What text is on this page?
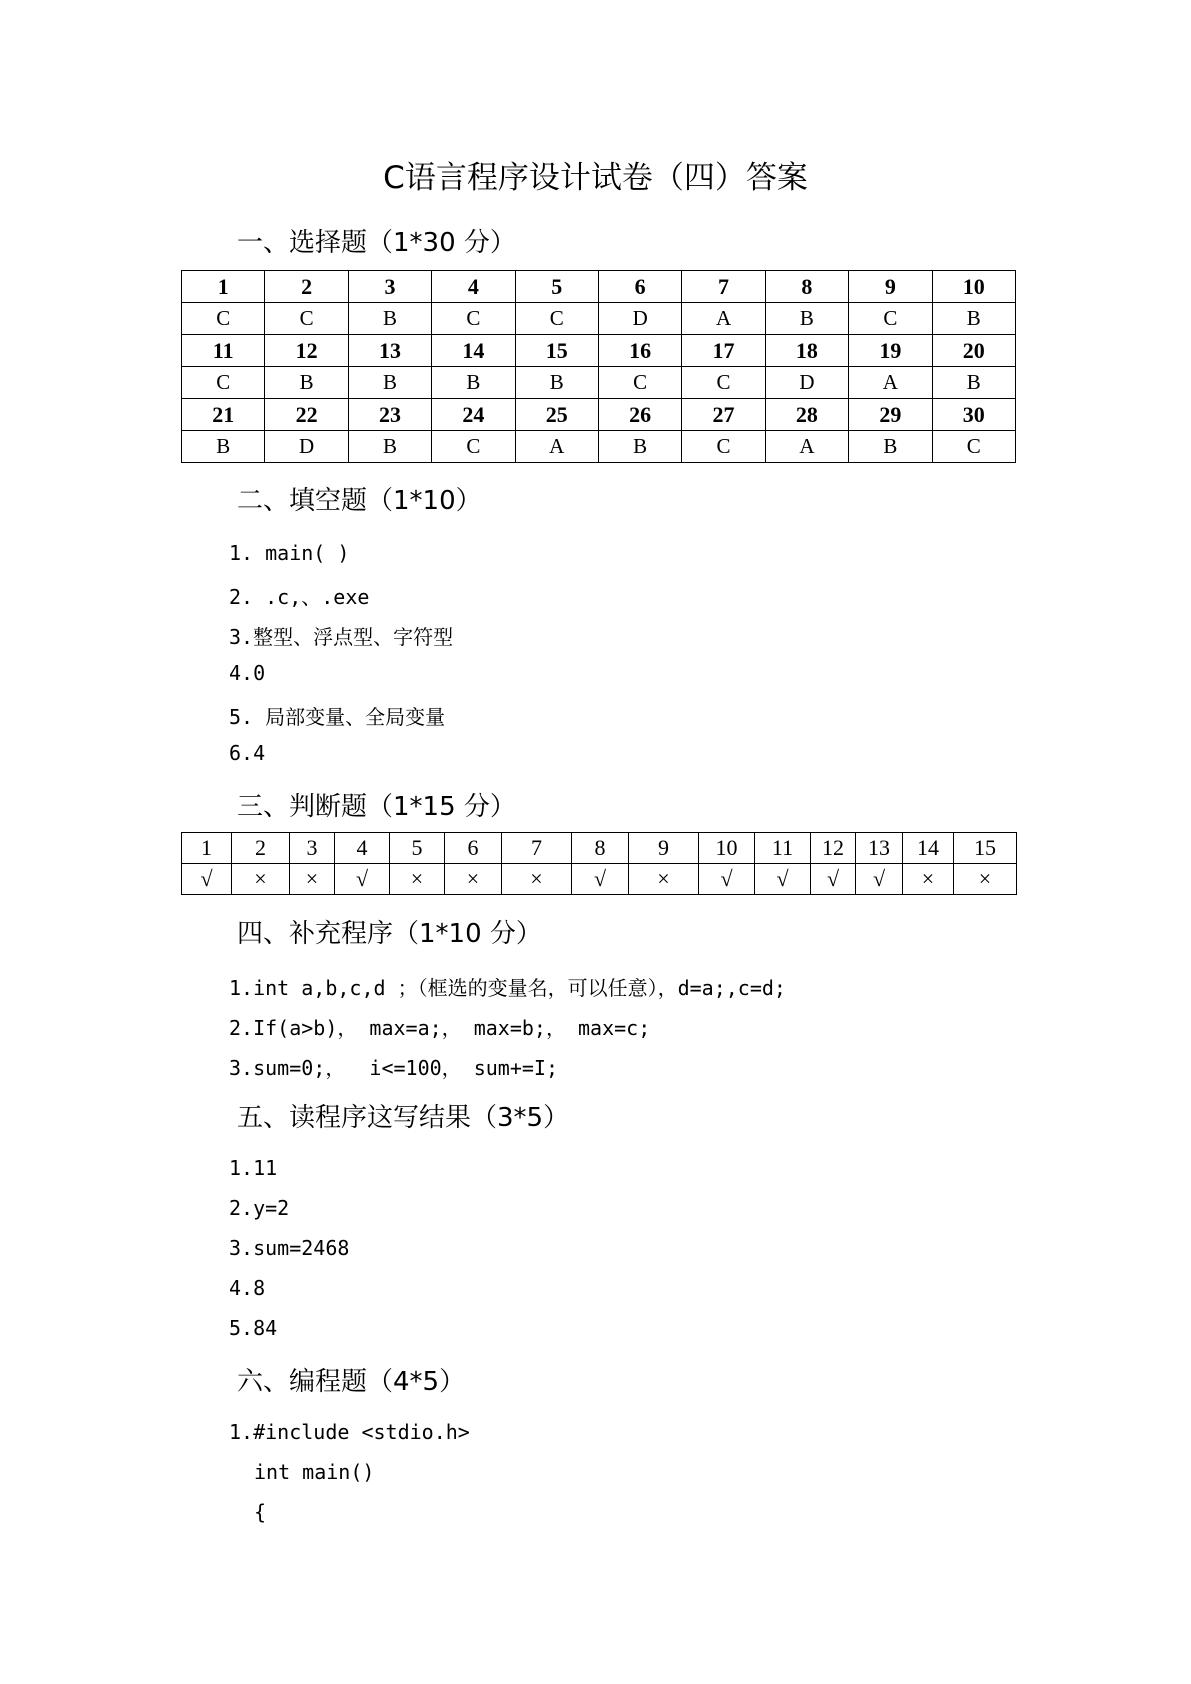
C语言程序设计试卷（四）答案
一、选择题（1*30 分）
1	2	3	4	5	6	7	8	9	10
C	C	B	C	C	D	A	B	C	B
11	12	13	14	15	16	17	18	19	20
C	B	B	B	B	C	C	D	A	B
21	22	23	24	25	26	27	28	29	30
B	D	B	C	A	B	C	A	B	C
二、填空题（1*10）
1. main( )
2. .c,、.exe
3.整型、浮点型、字符型
4.0
5. 局部变量、全局变量
6.4
三、判断题（1*15 分）
1	2	3	4	5	6	7	8	9	10	11	12	13	14	15
√	×	×	√	×	×	×	√	×	√	√	√	√	×	×
四、补充程序（1*10 分）
1.int a,b,c,d ；（框选的变量名，可以任意），d=a;,c=d;
2.If(a>b)， max=a;， max=b;， max=c;
3.sum=0;，  i<=100， sum+=I;
五、读程序这写结果（3*5）
1.11
2.y=2
3.sum=2468
4.8
5.84
六、编程题（4*5）
1.#include <stdio.h>
int main()
{
